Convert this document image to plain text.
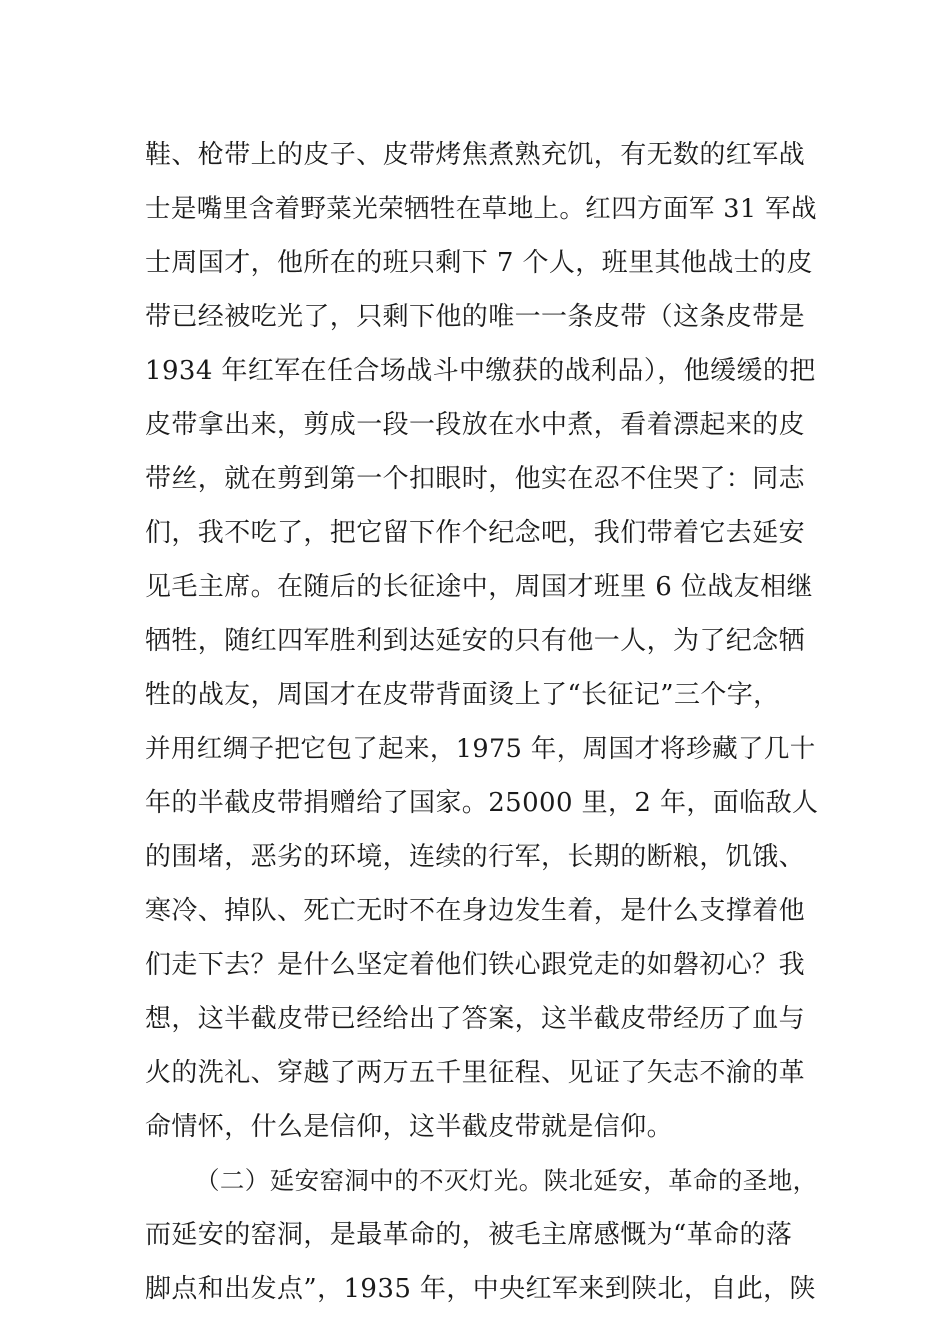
鞋、枪带上的皮子、皮带烤焦煮熟充饥，有无数的红军战
士是嘴里含着野菜光荣牺牲在草地上。红四方面军 31 军战
士周国才，他所在的班只剩下 7 个人，班里其他战士的皮
带已经被吃光了，只剩下他的唯一一条皮带（这条皮带是
1934 年红军在任合场战斗中缴获的战利品），他缓缓的把
皮带拿出来，剪成一段一段放在水中煮，看着漂起来的皮
带丝，就在剪到第一个扣眼时，他实在忍不住哭了：同志
们，我不吃了，把它留下作个纪念吧，我们带着它去延安
见毛主席。在随后的长征途中，周国才班里 6 位战友相继
牺牲，随红四军胜利到达延安的只有他一人，为了纪念牺
牲的战友，周国才在皮带背面烫上了“长征记”三个字，
并用红绸子把它包了起来，1975 年，周国才将珍藏了几十
年的半截皮带捐赠给了国家。25000 里，2 年，面临敌人
的围堵，恶劣的环境，连续的行军，长期的断粮，饥饿、
寒冷、掉队、死亡无时不在身边发生着，是什么支撑着他
们走下去？是什么坚定着他们铁心跟党走的如磐初心？我
想，这半截皮带已经给出了答案，这半截皮带经历了血与
火的洗礼、穿越了两万五千里征程、见证了矢志不渝的革
命情怀，什么是信仰，这半截皮带就是信仰。
（二）延安窑洞中的不灭灯光。陕北延安，革命的圣地，
而延安的窑洞，是最革命的，被毛主席感慨为“革命的落
脚点和出发点”，1935 年，中央红军来到陕北，自此，陕
